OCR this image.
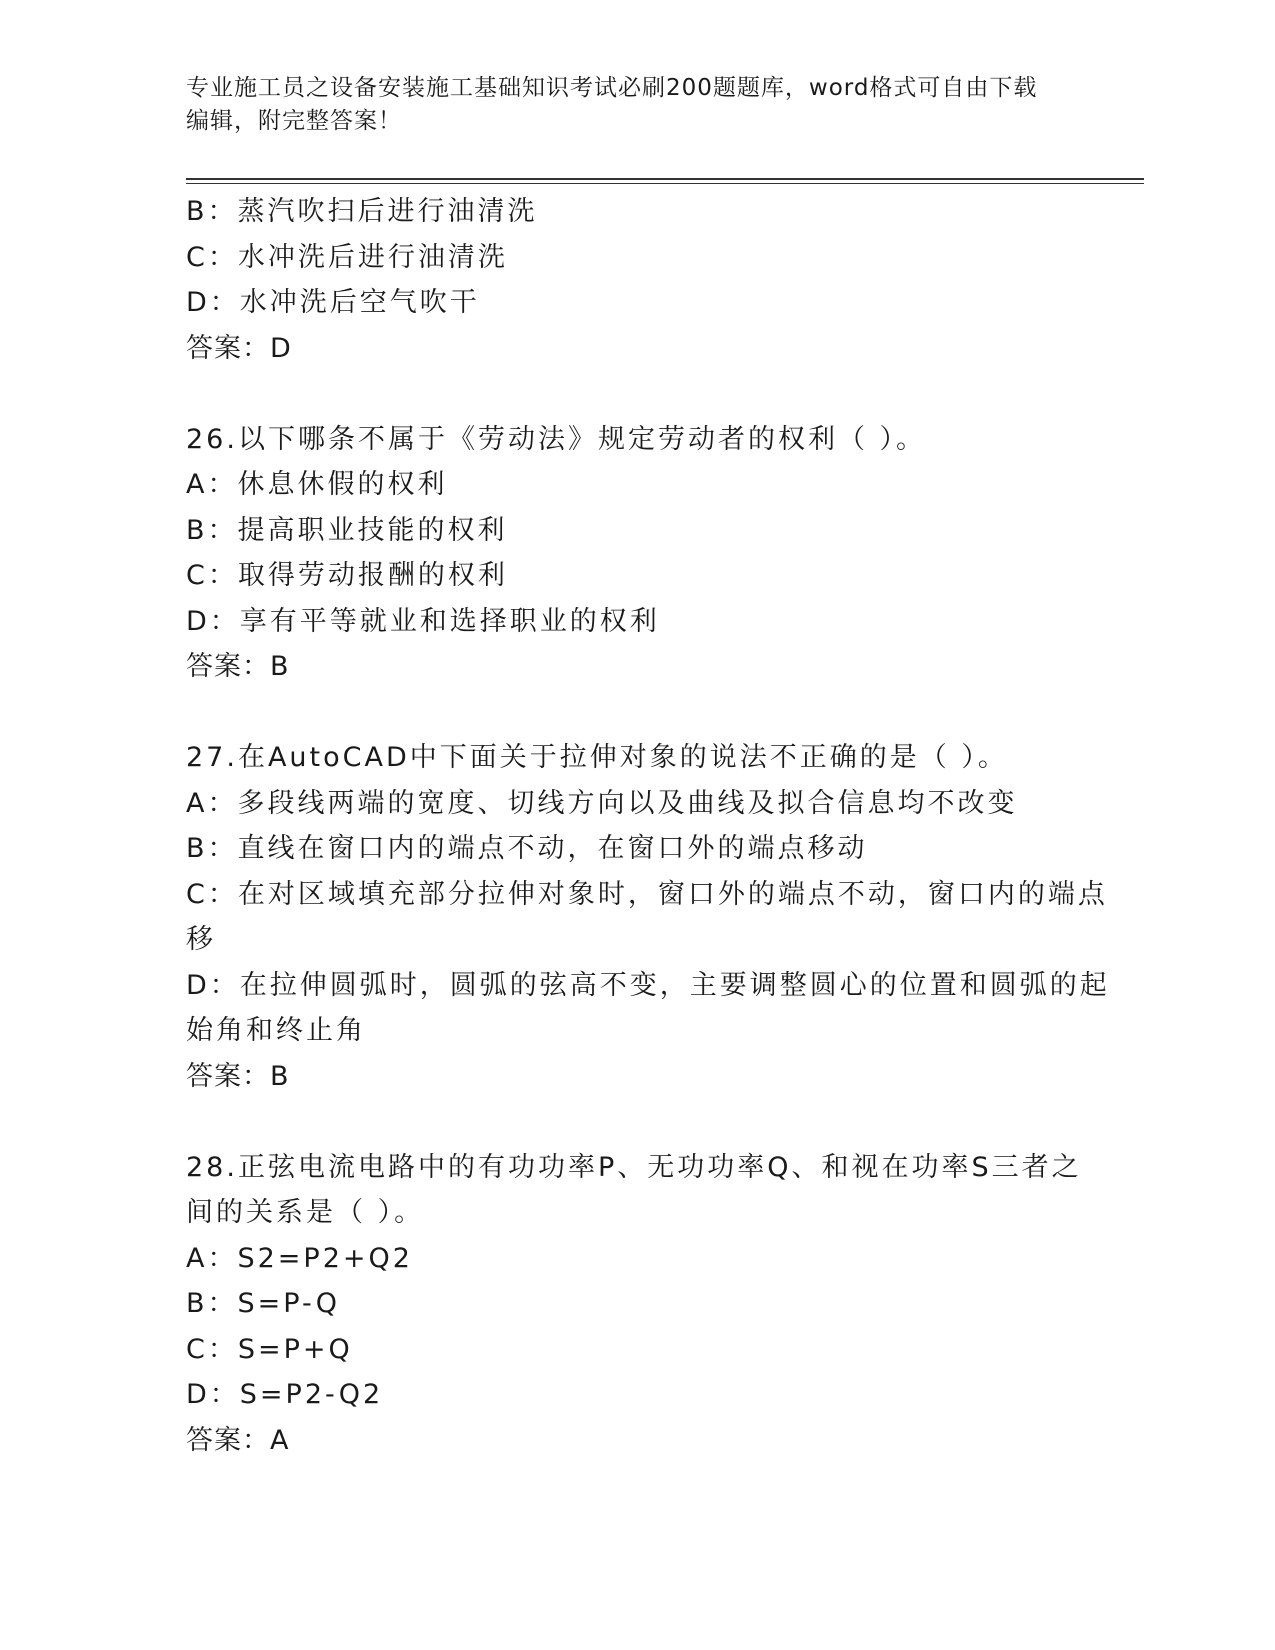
专业施工员之设备安装施工基础知识考试必刷200题题库，word格式可自由下载
编辑，附完整答案！
B：蒸汽吹扫后进行油清洗
C：水冲洗后进行油清洗
D：水冲洗后空气吹干
答案：D
26.以下哪条不属于《劳动法》规定劳动者的权利（ ）。
A：休息休假的权利
B：提高职业技能的权利
C：取得劳动报酬的权利
D：享有平等就业和选择职业的权利
答案：B
27.在AutoCAD中下面关于拉伸对象的说法不正确的是（ ）。
A：多段线两端的宽度、切线方向以及曲线及拟合信息均不改变
B：直线在窗口内的端点不动，在窗口外的端点移动
C：在对区域填充部分拉伸对象时，窗口外的端点不动，窗口内的端点
移
D：在拉伸圆弧时，圆弧的弦高不变，主要调整圆心的位置和圆弧的起
始角和终止角
答案：B
28.正弦电流电路中的有功功率P、无功功率Q、和视在功率S三者之
间的关系是（ ）。
A：S2=P2+Q2
B：S=P-Q
C：S=P+Q
D：S=P2-Q2
答案：A
